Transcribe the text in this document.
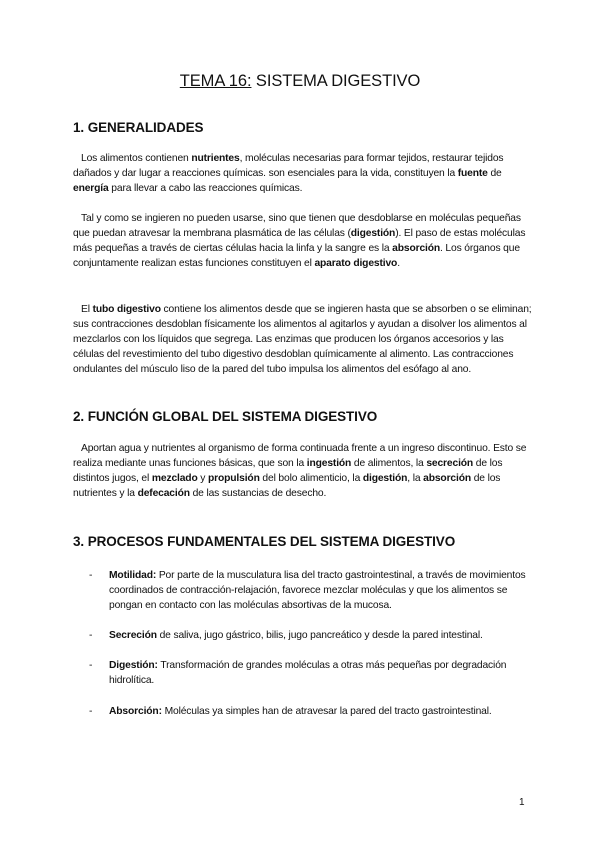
TEMA 16: SISTEMA DIGESTIVO
1. GENERALIDADES

Los alimentos contienen nutrientes, moléculas necesarias para formar tejidos, restaurar tejidos dañados y dar lugar a reacciones químicas. son esenciales para la vida, constituyen la fuente de energía para llevar a cabo las reacciones químicas.

Tal y como se ingieren no pueden usarse, sino que tienen que desdoblarse en moléculas pequeñas que puedan atravesar la membrana plasmática de las células (digestión). El paso de estas moléculas más pequeñas a través de ciertas células hacia la linfa y la sangre es la absorción. Los órganos que conjuntamente realizan estas funciones constituyen el aparato digestivo.

El tubo digestivo contiene los alimentos desde que se ingieren hasta que se absorben o se eliminan; sus contracciones desdoblan físicamente los alimentos al agitarlos y ayudan a disolver los alimentos al mezclarlos con los líquidos que segrega. Las enzimas que producen los órganos accesorios y las células del revestimiento del tubo digestivo desdoblan químicamente al alimento. Las contracciones ondulantes del músculo liso de la pared del tubo impulsa los alimentos del esófago al ano.

2. FUNCIÓN GLOBAL DEL SISTEMA DIGESTIVO

Aportan agua y nutrientes al organismo de forma continuada frente a un ingreso discontinuo. Esto se realiza mediante unas funciones básicas, que son la ingestión de alimentos, la secreción de los distintos jugos, el mezclado y propulsión del bolo alimenticio, la digestión, la absorción de los nutrientes y la defecación de las sustancias de desecho.

3. PROCESOS FUNDAMENTALES DEL SISTEMA DIGESTIVO
- Motilidad: Por parte de la musculatura lisa del tracto gastrointestinal, a través de movimientos coordinados de contracción-relajación, favorece mezclar moléculas y que los alimentos se pongan en contacto con las moléculas absortivas de la mucosa.
- Secreción de saliva, jugo gástrico, bilis, jugo pancreático y desde la pared intestinal.
- Digestión: Transformación de grandes moléculas a otras más pequeñas por degradación hidrolítica.
- Absorción: Moléculas ya simples han de atravesar la pared del tracto gastrointestinal.
1
